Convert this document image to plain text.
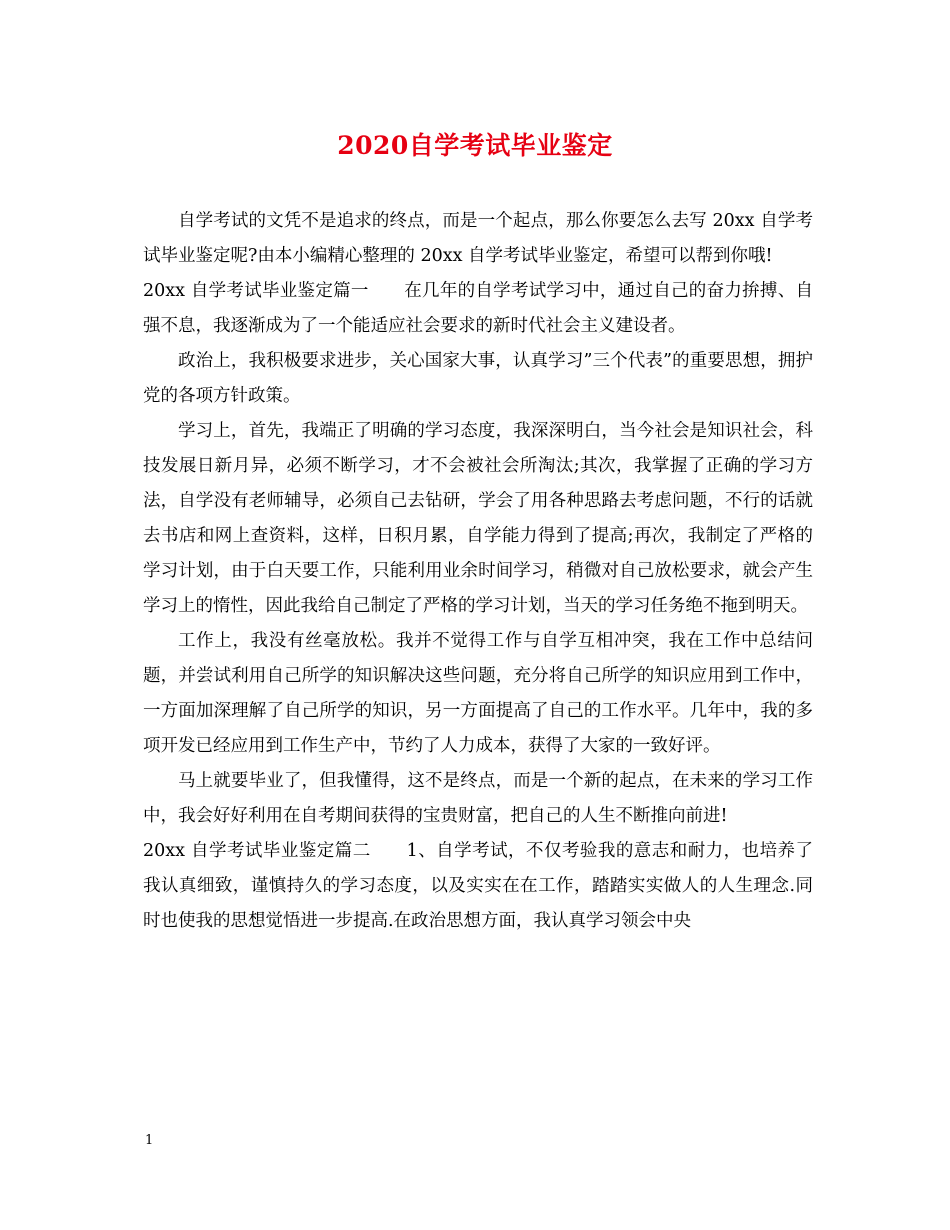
2020自学考试毕业鉴定

自学考试的文凭不是追求的终点，而是一个起点，那么你要怎么去写 20xx 自学考试毕业鉴定呢?由本小编精心整理的 20xx 自学考试毕业鉴定，希望可以帮到你哦!

20xx 自学考试毕业鉴定篇一　　在几年的自学考试学习中，通过自己的奋力拚搏、自强不息，我逐渐成为了一个能适应社会要求的新时代社会主义建设者。

政治上，我积极要求进步，关心国家大事，认真学习”三个代表”的重要思想，拥护党的各项方针政策。

学习上，首先，我端正了明确的学习态度，我深深明白，当今社会是知识社会，科技发展日新月异，必须不断学习，才不会被社会所淘汰;其次，我掌握了正确的学习方法，自学没有老师辅导，必须自己去钻研，学会了用各种思路去考虑问题，不行的话就去书店和网上查资料，这样，日积月累，自学能力得到了提高;再次，我制定了严格的学习计划，由于白天要工作，只能利用业余时间学习，稍微对自己放松要求，就会产生学习上的惰性，因此我给自己制定了严格的学习计划，当天的学习任务绝不拖到明天。

工作上，我没有丝毫放松。我并不觉得工作与自学互相冲突，我在工作中总结问题，并尝试利用自己所学的知识解决这些问题，充分将自己所学的知识应用到工作中，一方面加深理解了自己所学的知识，另一方面提高了自己的工作水平。几年中，我的多项开发已经应用到工作生产中，节约了人力成本，获得了大家的一致好评。

马上就要毕业了，但我懂得，这不是终点，而是一个新的起点，在未来的学习工作中，我会好好利用在自考期间获得的宝贵财富，把自己的人生不断推向前进!

20xx 自学考试毕业鉴定篇二　　1、自学考试，不仅考验我的意志和耐力，也培养了我认真细致，谨慎持久的学习态度，以及实实在在工作，踏踏实实做人的人生理念.同时也使我的思想觉悟进一步提高.在政治思想方面，我认真学习领会中央

1
